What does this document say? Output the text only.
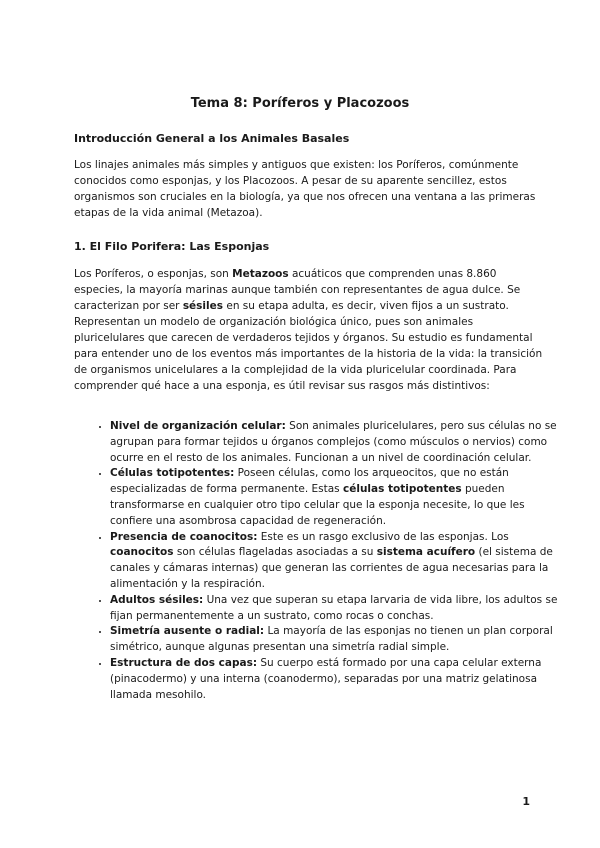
Tema 8: Poríferos y Placozoos
Introducción General a los Animales Basales

Los linajes animales más simples y antiguos que existen: los Poríferos, comúnmente conocidos como esponjas, y los Placozoos. A pesar de su aparente sencillez, estos organismos son cruciales en la biología, ya que nos ofrecen una ventana a las primeras etapas de la vida animal (Metazoa).

1. El Filo Porifera: Las Esponjas

Los Poríferos, o esponjas, son Metazoos acuáticos que comprenden unas 8.860 especies, la mayoría marinas aunque también con representantes de agua dulce. Se caracterizan por ser sésiles en su etapa adulta, es decir, viven fijos a un sustrato. Representan un modelo de organización biológica único, pues son animales pluricelulares que carecen de verdaderos tejidos y órganos. Su estudio es fundamental para entender uno de los eventos más importantes de la historia de la vida: la transición de organismos unicelulares a la complejidad de la vida pluricelular coordinada. Para comprender qué hace a una esponja, es útil revisar sus rasgos más distintivos:

• Nivel de organización celular: Son animales pluricelulares, pero sus células no se agrupan para formar tejidos u órganos complejos (como músculos o nervios) como ocurre en el resto de los animales. Funcionan a un nivel de coordinación celular.
• Células totipotentes: Poseen células, como los arqueocitos, que no están especializadas de forma permanente. Estas células totipotentes pueden transformarse en cualquier otro tipo celular que la esponja necesite, lo que les confiere una asombrosa capacidad de regeneración.
• Presencia de coanocitos: Este es un rasgo exclusivo de las esponjas. Los coanocitos son células flageladas asociadas a su sistema acuífero (el sistema de canales y cámaras internas) que generan las corrientes de agua necesarias para la alimentación y la respiración.
• Adultos sésiles: Una vez que superan su etapa larvaria de vida libre, los adultos se fijan permanentemente a un sustrato, como rocas o conchas.
• Simetría ausente o radial: La mayoría de las esponjas no tienen un plan corporal simétrico, aunque algunas presentan una simetría radial simple.
• Estructura de dos capas: Su cuerpo está formado por una capa celular externa (pinacodermo) y una interna (coanodermo), separadas por una matriz gelatinosa llamada mesohilo.
1
